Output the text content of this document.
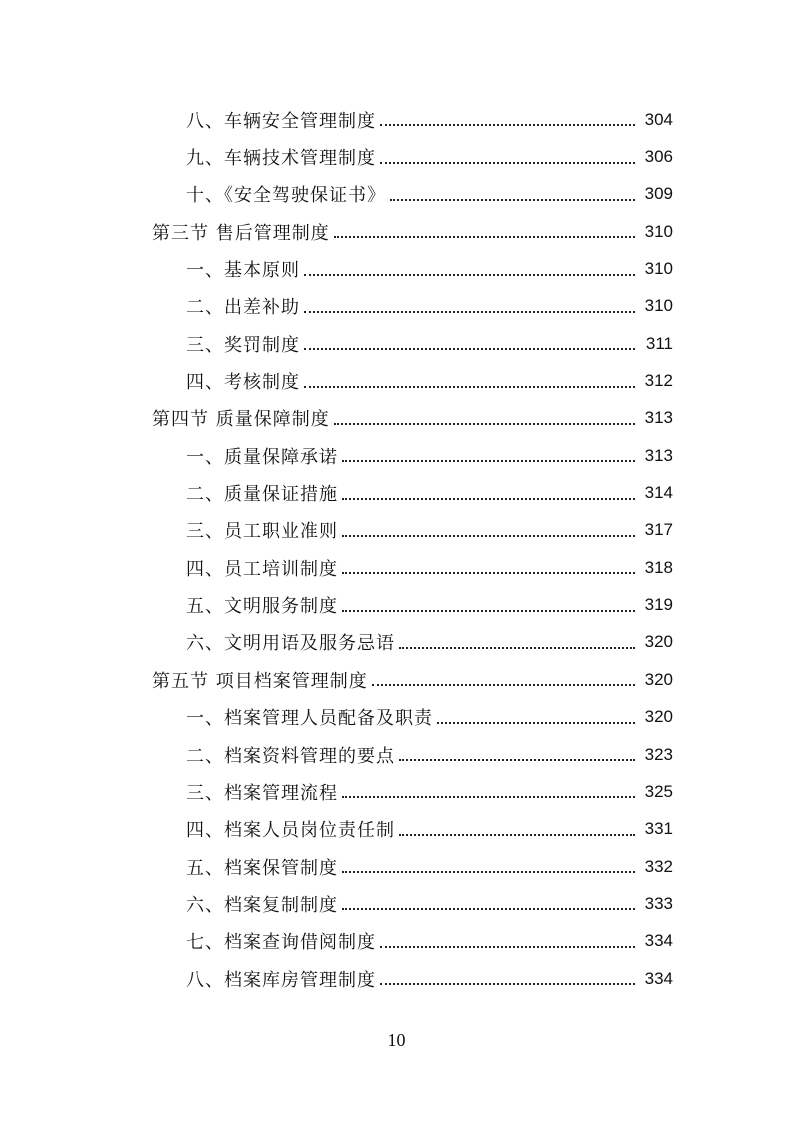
八、车辆安全管理制度	304
九、车辆技术管理制度	306
十、《安全驾驶保证书》	309
第三节 售后管理制度	310
一、基本原则	310
二、出差补助	310
三、奖罚制度	311
四、考核制度	312
第四节 质量保障制度	313
一、质量保障承诺	313
二、质量保证措施	314
三、员工职业准则	317
四、员工培训制度	318
五、文明服务制度	319
六、文明用语及服务忌语	320
第五节 项目档案管理制度	320
一、档案管理人员配备及职责	320
二、档案资料管理的要点	323
三、档案管理流程	325
四、档案人员岗位责任制	331
五、档案保管制度	332
六、档案复制制度	333
七、档案查询借阅制度	334
八、档案库房管理制度	334
10
